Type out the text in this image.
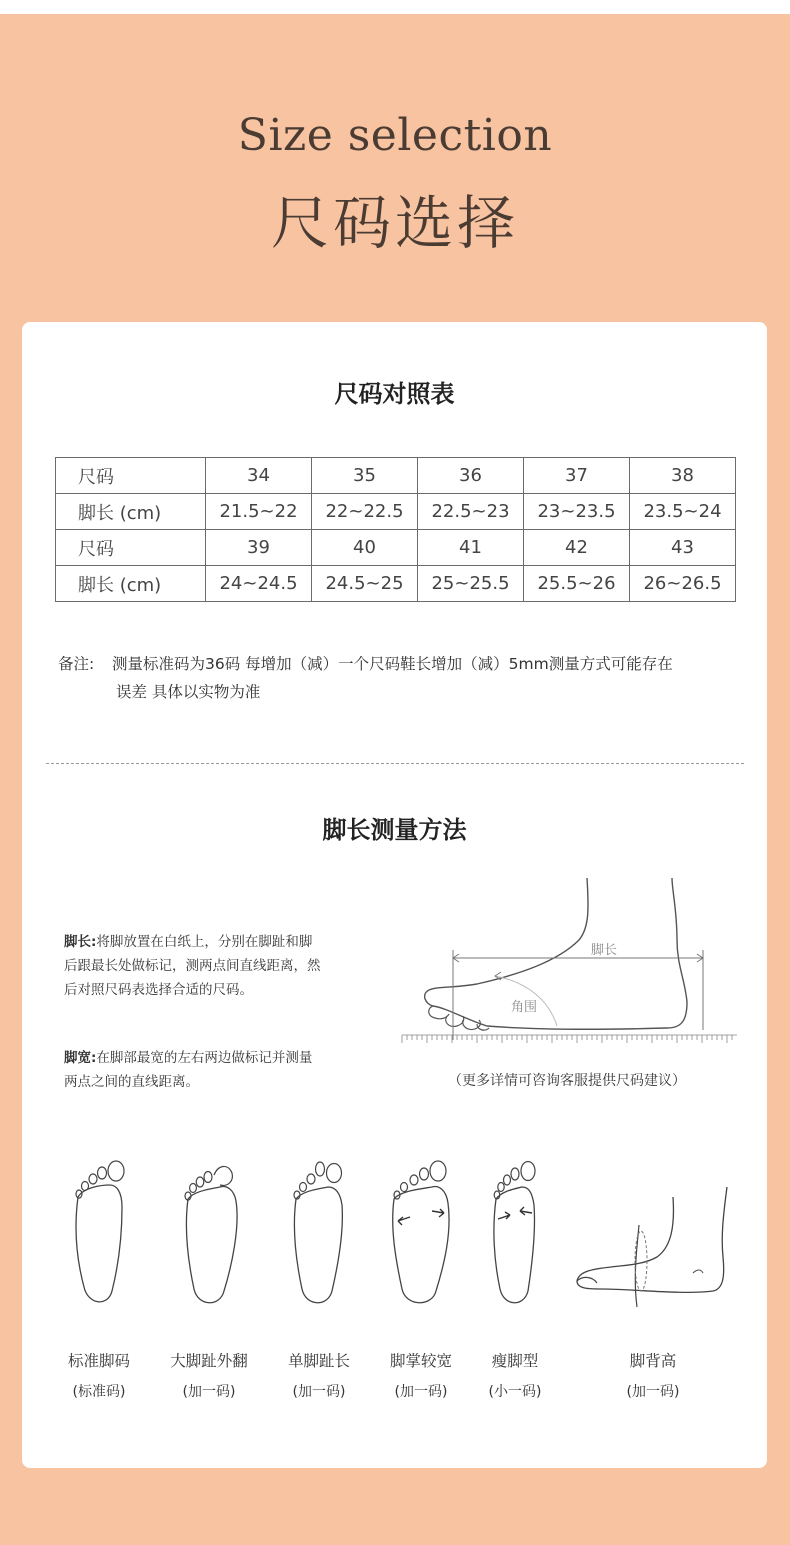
Size selection
尺码选择
尺码对照表
尺码	34	35	36	37	38
脚长 (cm)	21.5~22	22~22.5	22.5~23	23~23.5	23.5~24
尺码	39	40	41	42	43
脚长 (cm)	24~24.5	24.5~25	25~25.5	25.5~26	26~26.5
备注: 测量标准码为36码 每增加（减）一个尺码鞋长增加（减）5mm测量方式可能存在
误差 具体以实物为准
脚长测量方法
脚长:将脚放置在白纸上，分别在脚趾和脚后跟最长处做标记，测两点间直线距离，然后对照尺码表选择合适的尺码。
脚宽:在脚部最宽的左右两边做标记并测量两点之间的直线距离。
脚长
角围
（更多详情可咨询客服提供尺码建议）
标准脚码
(标准码)
大脚趾外翻
(加一码)
单脚趾长
(加一码)
脚掌较宽
(加一码)
瘦脚型
(小一码)
脚背高
(加一码)
